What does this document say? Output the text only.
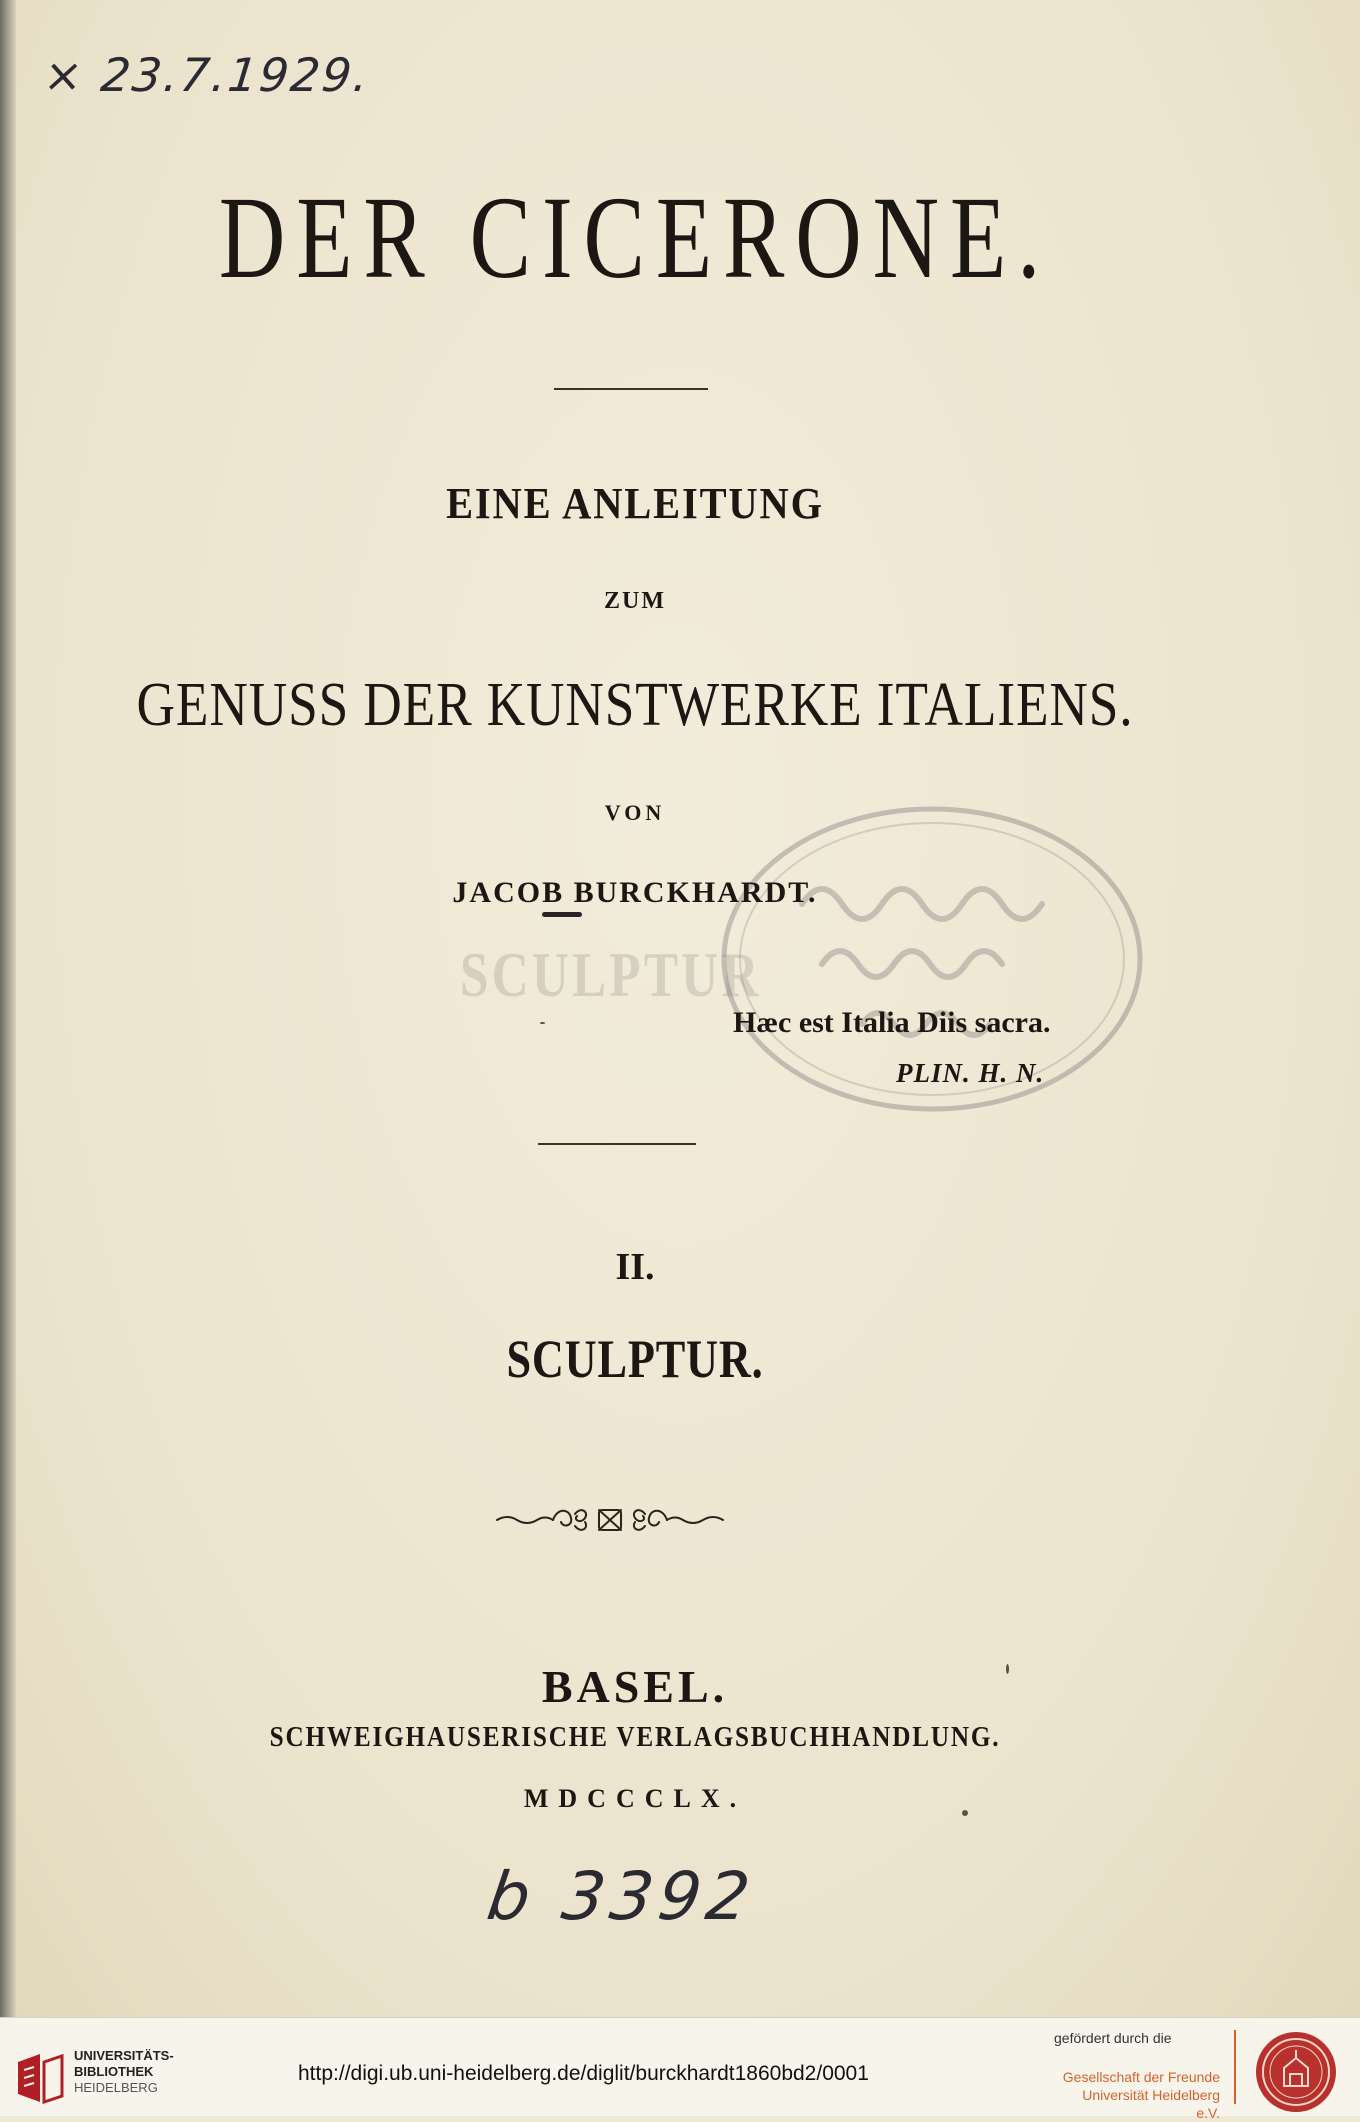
× 23.7.1929.
DER CICERONE.
EINE ANLEITUNG
ZUM
GENUSS DER KUNSTWERKE ITALIENS.
VON
SCULPTUR
JACOB BURCKHARDT.
Hæc est Italia Diis sacra.
PLIN. H. N.
II.
SCULPTUR.
BASEL.
SCHWEIGHAUSERISCHE VERLAGSBUCHHANDLUNG.
MDCCCLX.
b 3392
UNIVERSITÄTS-
BIBLIOTHEK
HEIDELBERG
http://digi.ub.uni-heidelberg.de/diglit/burckhardt1860bd2/0001
gefördert durch die
Gesellschaft der Freunde
Universität Heidelberg e.V.
